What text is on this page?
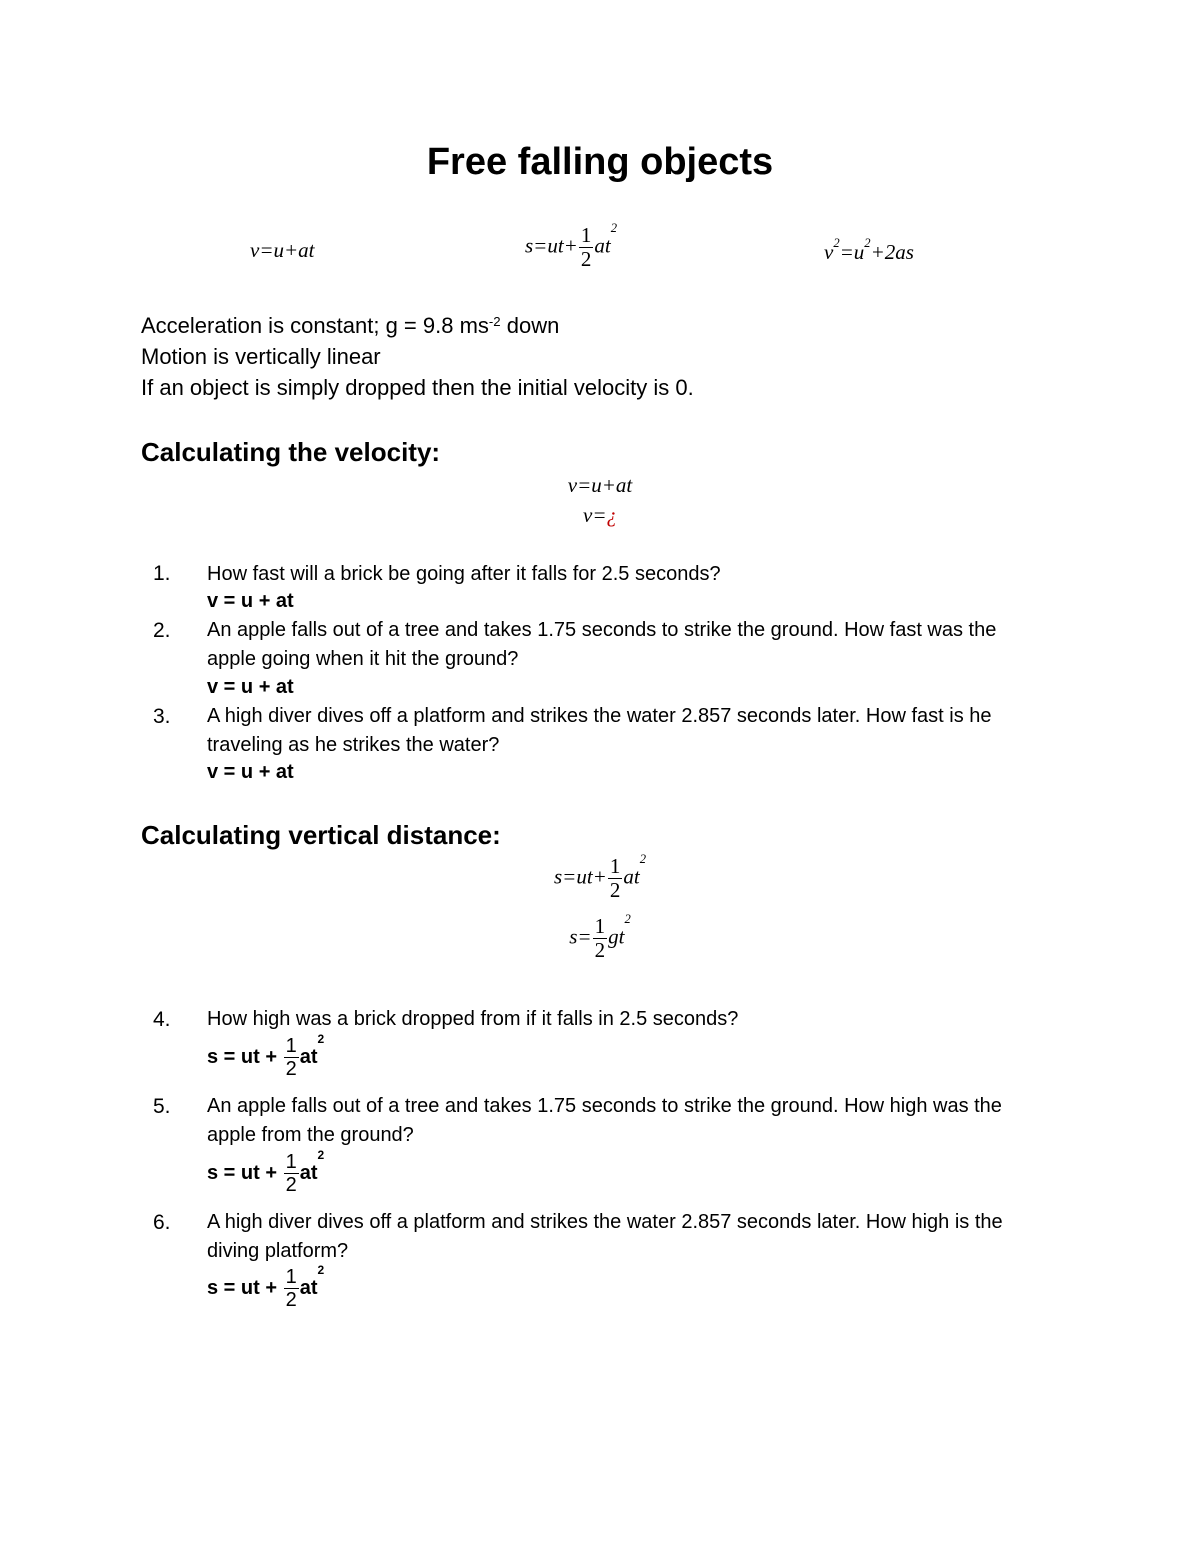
Free falling objects
v=u+at	$s=ut+ \frac{1}{2} at^2$
$v^2=u^2+2as$
Acceleration is constant; g = 9.8 $ms^{-2}$ down
Motion is vertically linear
If an object is simply dropped then the initial velocity is 0.
Calculating the velocity:
v=u+at
v=¿
1. How fast will a brick be going after it falls for 2.5 seconds?
v = u + at
2. An apple falls out of a tree and takes 1.75 seconds to strike the ground. How fast was the apple going when it hit the ground?
v = u + at
3. A high diver dives off a platform and strikes the water 2.857 seconds later. How fast is he traveling as he strikes the water?
v = u + at
Calculating vertical distance:
$s=ut+ \frac{1}{2} at^2$
$s= \frac{1}{2} gt^2$
4. How high was a brick dropped from if it falls in 2.5 seconds?
s = ut + $\frac{1}{2} at^2$
5. An apple falls out of a tree and takes 1.75 seconds to strike the ground. How high was the apple from the ground?
s = ut + $\frac{1}{2} at^2$
6. A high diver dives off a platform and strikes the water 2.857 seconds later. How high is the diving platform?
s = ut + $\frac{1}{2} at^2$
